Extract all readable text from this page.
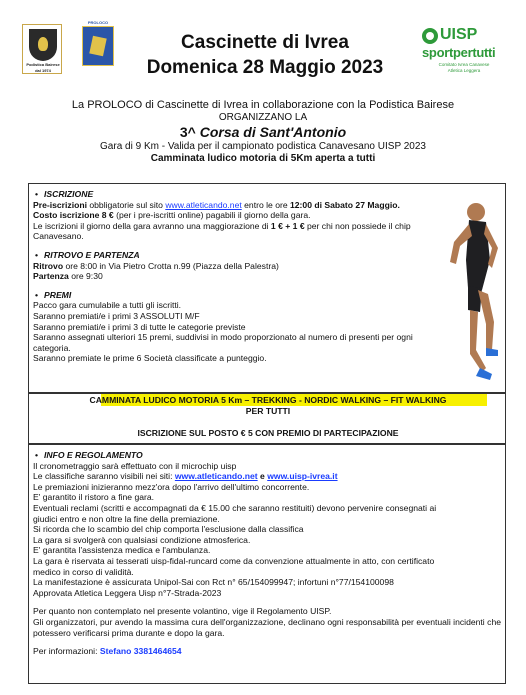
Podistica Bairese
dal 1974
PROLOCO
Cascinette di Ivrea
Domenica 28 Maggio 2023
UISP
sportpertutti
Comitato Ivrea Canavese
Atletica Leggera
La PROLOCO di Cascinette di Ivrea in collaborazione con la Podistica Bairese
ORGANIZZANO LA
3^ Corsa di Sant'Antonio
Gara di 9 Km - Valida per il campionato podistica Canavesano UISP 2023
Camminata ludico motoria di 5Km aperta a tutti
• ISCRIZIONE
Pre-iscrizioni obbligatorie sul sito www.atleticando.net entro le ore 12:00 di Sabato 27 Maggio.
Costo iscrizione 8 € (per i pre-iscritti online) pagabili il giorno della gara.
Le iscrizioni il giorno della gara avranno una maggiorazione di 1 € + 1 € per chi non possiede il chip
Canavesano.
• RITROVO E PARTENZA
Ritrovo ore 8:00 in Via Pietro Crotta n.99 (Piazza della Palestra)
Partenza ore 9:30
• PREMI
Pacco gara cumulabile a tutti gli iscritti.
Saranno premiati/e i primi 3 ASSOLUTI M/F
Saranno premiati/e i primi 3 di tutte le categorie previste
Saranno assegnati ulteriori 15 premi, suddivisi in modo proporzionato al numero di presenti per ogni
categoria.
Saranno premiate le prime 6 Società classificate a punteggio.
CAMMINATA LUDICO MOTORIA 5 Km – TREKKING - NORDIC WALKING – FIT WALKING
PER TUTTI
ISCRIZIONE SUL POSTO € 5 CON PREMIO DI PARTECIPAZIONE
• INFO E REGOLAMENTO
Il cronometraggio sarà effettuato con il microchip uisp
Le classifiche saranno visibili nei siti: www.atleticando.net e www.uisp-ivrea.it
Le premiazioni inizieranno mezz'ora dopo l'arrivo dell'ultimo concorrente.
E' garantito il ristoro a fine gara.
Eventuali reclami (scritti e accompagnati da € 15.00 che saranno restituiti) devono pervenire consegnati ai
giudici entro e non oltre la fine della premiazione.
Si ricorda che lo scambio del chip comporta l'esclusione dalla classifica
La gara si svolgerà con qualsiasi condizione atmosferica.
E' garantita l'assistenza medica e l'ambulanza.
La gara è riservata ai tesserati uisp-fidal-runcard come da convenzione attualmente in atto, con certificato
medico in corso di validità.
La manifestazione è assicurata Unipol-Sai con Rct n° 65/154099947; infortuni n°77/154100098
Approvata Atletica Leggera Uisp n°7-Strada-2023
Per quanto non contemplato nel presente volantino, vige il Regolamento UISP.
Gli organizzatori, pur avendo la massima cura dell'organizzazione, declinano ogni responsabilità per eventuali incidenti che potessero verificarsi prima durante e dopo la gara.
Per informazioni: Stefano 3381464654
